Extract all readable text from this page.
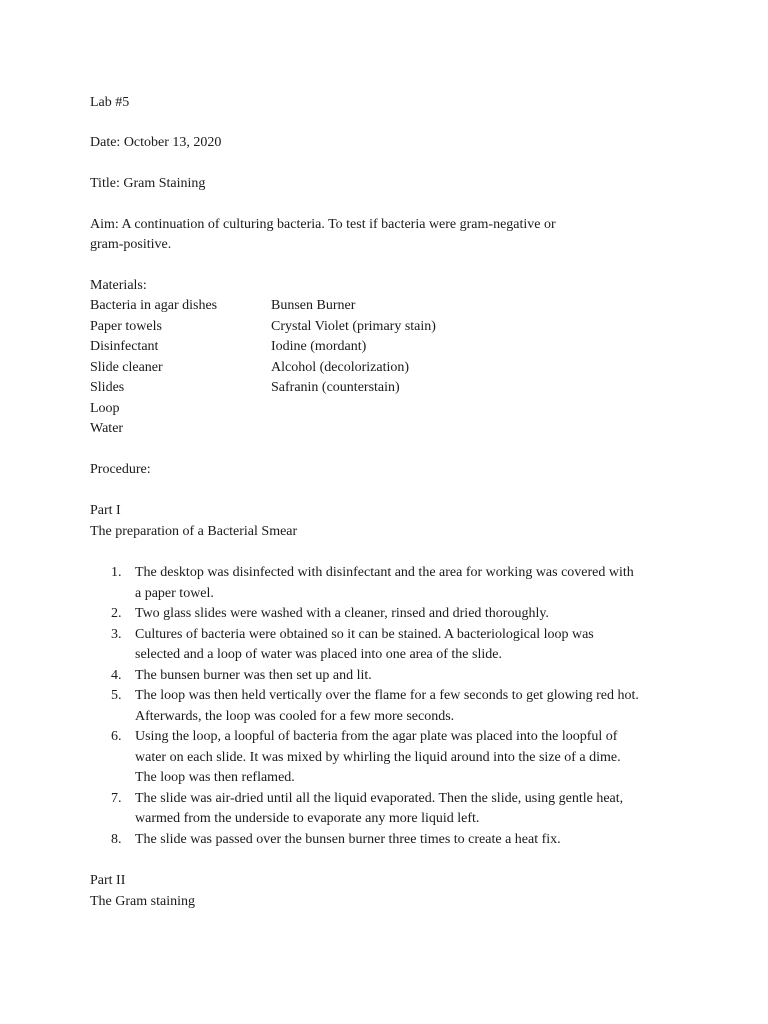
Lab #5
Date: October 13, 2020
Title: Gram Staining
Aim: A continuation of culturing bacteria. To test if bacteria were gram-negative or
gram-positive.
Materials:
Bacteria in agar dishes	Bunsen Burner
Paper towels	Crystal Violet (primary stain)
Disinfectant	Iodine (mordant)
Slide cleaner	Alcohol (decolorization)
Slides	Safranin (counterstain)
Loop
Water
Procedure:
Part I
The preparation of a Bacterial Smear
1. The desktop was disinfected with disinfectant and the area for working was covered with
a paper towel.
2. Two glass slides were washed with a cleaner, rinsed and dried thoroughly.
3. Cultures of bacteria were obtained so it can be stained. A bacteriological loop was
selected and a loop of water was placed into one area of the slide.
4. The bunsen burner was then set up and lit.
5. The loop was then held vertically over the flame for a few seconds to get glowing red hot.
Afterwards, the loop was cooled for a few more seconds.
6. Using the loop, a loopful of bacteria from the agar plate was placed into the loopful of
water on each slide. It was mixed by whirling the liquid around into the size of a dime.
The loop was then reflamed.
7. The slide was air-dried until all the liquid evaporated. Then the slide, using gentle heat,
warmed from the underside to evaporate any more liquid left.
8. The slide was passed over the bunsen burner three times to create a heat fix.
Part II
The Gram staining
